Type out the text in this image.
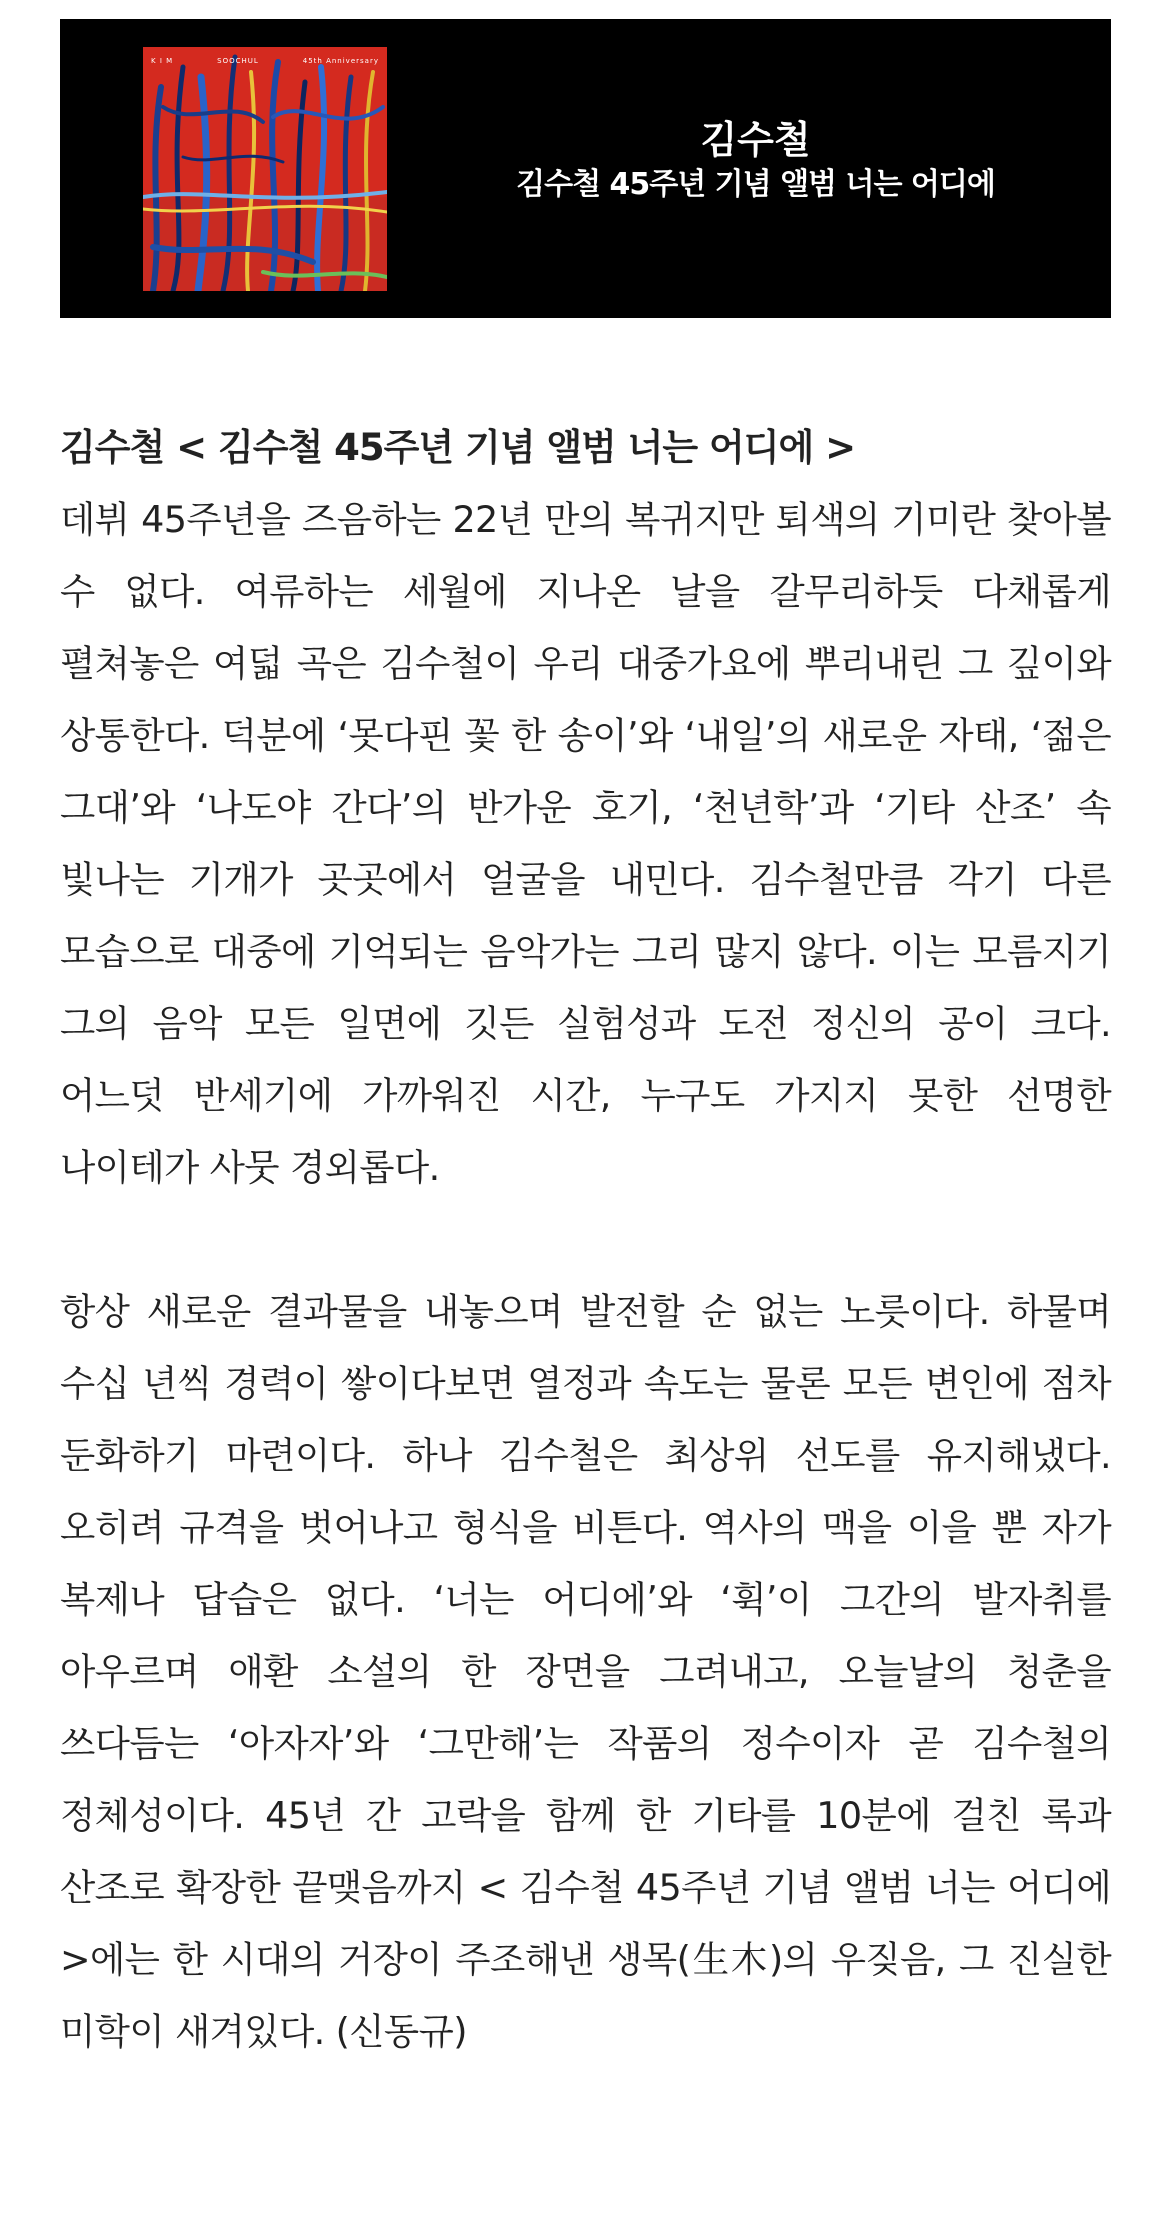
K I M	SOOCHUL	45th Anniversary
김수철
김수철 45주년 기념 앨범 너는 어디에
김수철 < 김수철 45주년 기념 앨범 너는 어디에 >

데뷔 45주년을 즈음하는 22년 만의 복귀지만 퇴색의 기미란 찾아볼 수 없다. 여류하는 세월에 지나온 날을 갈무리하듯 다채롭게 펼쳐놓은 여덟 곡은 김수철이 우리 대중가요에 뿌리내린 그 깊이와 상통한다. 덕분에 ‘못다핀 꽃 한 송이’와 ‘내일’의 새로운 자태, ‘젊은 그대’와 ‘나도야 간다’의 반가운 호기, ‘천년학’과 ‘기타 산조’ 속 빛나는 기개가 곳곳에서 얼굴을 내민다. 김수철만큼 각기 다른 모습으로 대중에 기억되는 음악가는 그리 많지 않다. 이는 모름지기 그의 음악 모든 일면에 깃든 실험성과 도전 정신의 공이 크다. 어느덧 반세기에 가까워진 시간, 누구도 가지지 못한 선명한 나이테가 사뭇 경외롭다.

항상 새로운 결과물을 내놓으며 발전할 순 없는 노릇이다. 하물며 수십 년씩 경력이 쌓이다보면 열정과 속도는 물론 모든 변인에 점차 둔화하기 마련이다. 하나 김수철은 최상위 선도를 유지해냈다. 오히려 규격을 벗어나고 형식을 비튼다. 역사의 맥을 이을 뿐 자가 복제나 답습은 없다. ‘너는 어디에’와 ‘휙’이 그간의 발자취를 아우르며 애환 소설의 한 장면을 그려내고, 오늘날의 청춘을 쓰다듬는 ‘아자자’와 ‘그만해’는 작품의 정수이자 곧 김수철의 정체성이다. 45년 간 고락을 함께 한 기타를 10분에 걸친 록과 산조로 확장한 끝맺음까지 < 김수철 45주년 기념 앨범 너는 어디에 >에는 한 시대의 거장이 주조해낸 생목(生木)의 우짖음, 그 진실한 미학이 새겨있다. (신동규)
